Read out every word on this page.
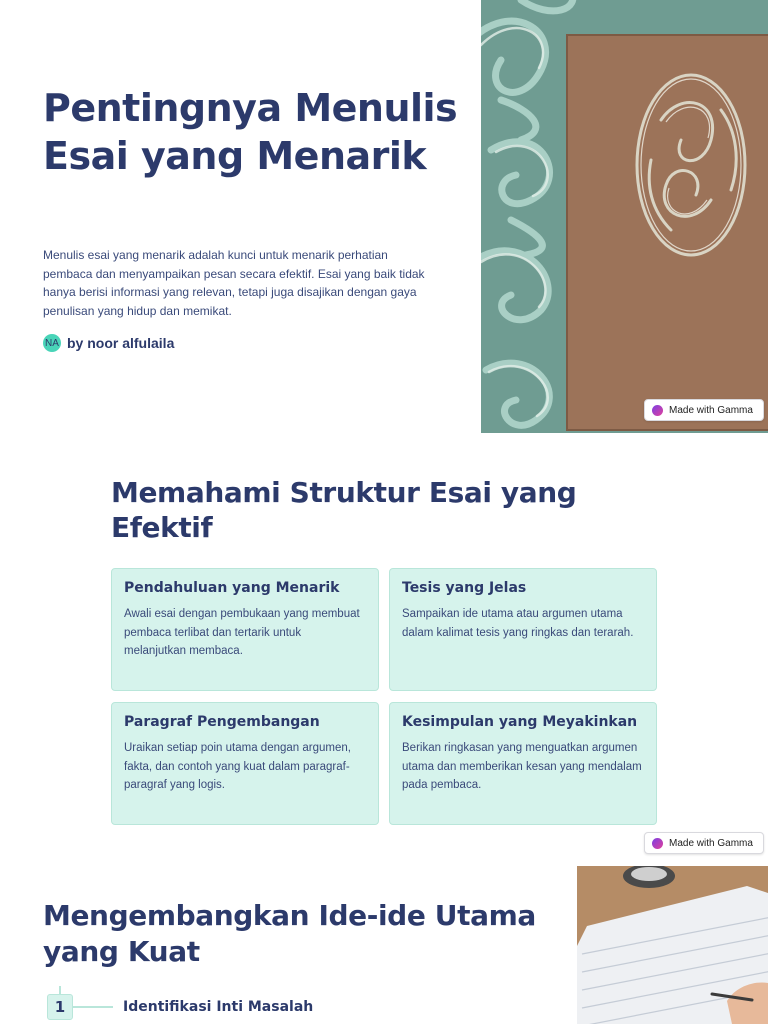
Pentingnya Menulis Esai yang Menarik

Menulis esai yang menarik adalah kunci untuk menarik perhatian pembaca dan menyampaikan pesan secara efektif. Esai yang baik tidak hanya berisi informasi yang relevan, tetapi juga disajikan dengan gaya penulisan yang hidup dan memikat.

NA by noor alfulaila
Made with Gamma
Memahami Struktur Esai yang Efektif
Pendahuluan yang Menarik
Awali esai dengan pembukaan yang membuat pembaca terlibat dan tertarik untuk melanjutkan membaca.
Tesis yang Jelas
Sampaikan ide utama atau argumen utama dalam kalimat tesis yang ringkas dan terarah.
Paragraf Pengembangan
Uraikan setiap poin utama dengan argumen, fakta, dan contoh yang kuat dalam paragraf-paragraf yang logis.
Kesimpulan yang Meyakinkan
Berikan ringkasan yang menguatkan argumen utama dan memberikan kesan yang mendalam pada pembaca.
Made with Gamma
Mengembangkan Ide-ide Utama yang Kuat
1	Identifikasi Inti Masalah
